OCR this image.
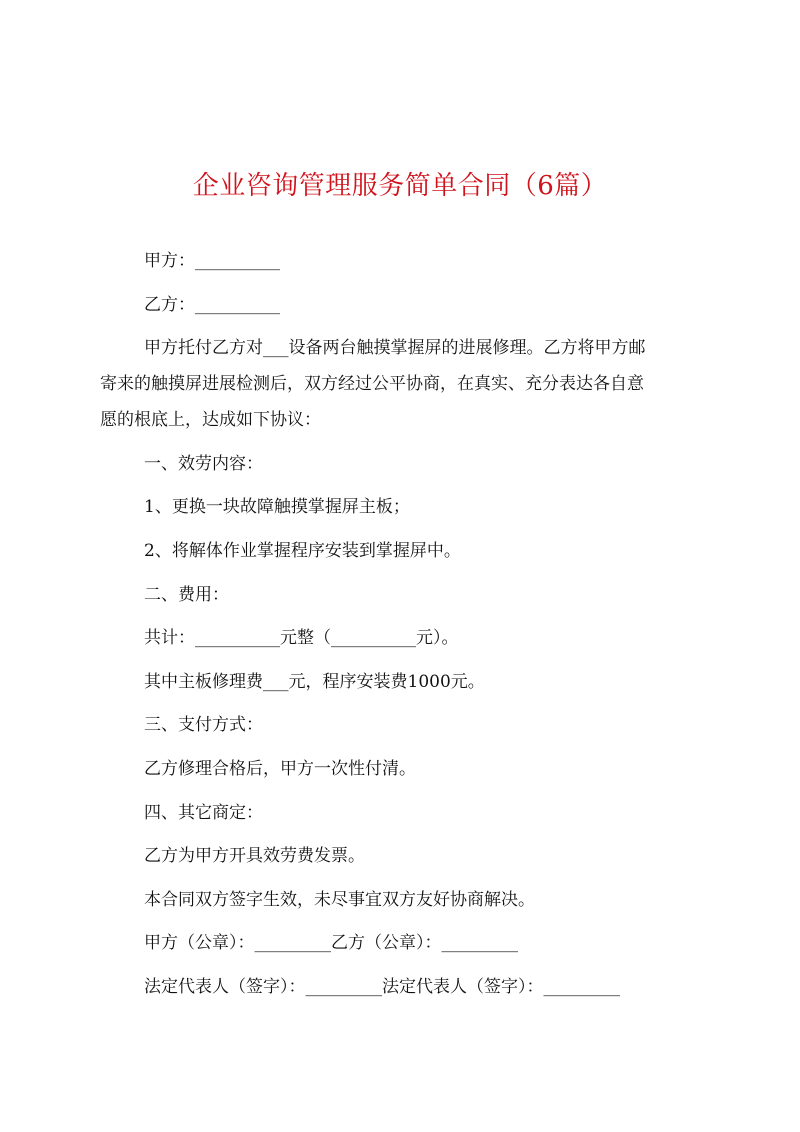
企业咨询管理服务简单合同（6篇）
甲方：__________
乙方：__________
甲方托付乙方对___设备两台触摸掌握屏的进展修理。乙方将甲方邮
寄来的触摸屏进展检测后，双方经过公平协商，在真实、充分表达各自意
愿的根底上，达成如下协议：
一、效劳内容：
1、更换一块故障触摸掌握屏主板；
2、将解体作业掌握程序安装到掌握屏中。
二、费用：
共计：__________元整（__________元）。
其中主板修理费___元，程序安装费1000元。
三、支付方式：
乙方修理合格后，甲方一次性付清。
四、其它商定：
乙方为甲方开具效劳费发票。
本合同双方签字生效，未尽事宜双方友好协商解决。
甲方（公章）：_________乙方（公章）：_________
法定代表人（签字）：_________法定代表人（签字）：_________
